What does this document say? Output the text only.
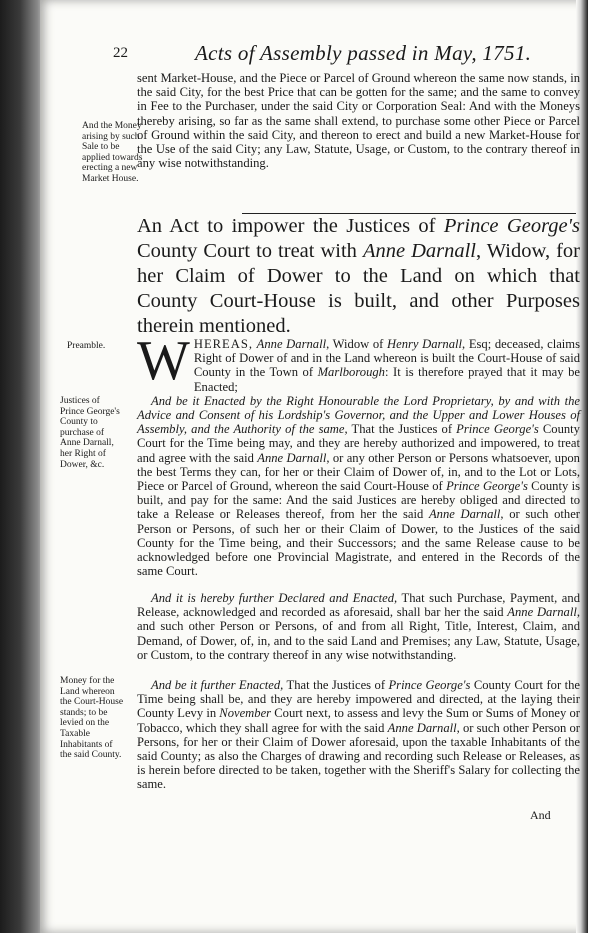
22	Acts of Assembly passed in May, 1751.
And the Money arising by such Sale to be applied towards erecting a new Market House.
sent Market-House, and the Piece or Parcel of Ground whereon the same now stands, in the said City, for the best Price that can be gotten for the same; and the same to convey in Fee to the Purchaser, under the said City or Corporation Seal: And with the Moneys thereby arising, so far as the same shall extend, to purchase some other Piece or Parcel of Ground within the said City, and thereon to erect and build a new Market-House for the Use of the said City; any Law, Statute, Usage, or Custom, to the contrary thereof in any wise notwithstanding.
An Act to impower the Justices of Prince George's County Court to treat with Anne Darnall, Widow, for her Claim of Dower to the Land on which that County Court-House is built, and other Purposes therein mentioned.
Preamble. WHEREAS, Anne Darnall, Widow of Henry Darnall, Esq; deceased, claims Right of Dower of and in the Land whereon is built the Court-House of said County in the Town of Marlborough: It is therefore prayed that it may be Enacted;
And be it Enacted by the Right Honourable the Lord Proprietary, by and with the Advice and Consent of his Lordship's Governor, and the Upper and Lower Houses of Assembly, and the Authority of the same, That the Justices of Prince George's County Court for the Time being may, and they are hereby authorized and impowered, to treat and agree with the said Anne Darnall, or any other Person or Persons whatsoever, upon the best Terms they can, for her or their Claim of Dower of, in, and to the Lot or Lots, Piece or Parcel of Ground, whereon the said Court-House of Prince George's County is built, and pay for the same: And the said Justices are hereby obliged and directed to take a Release or Releases thereof, from her the said Anne Darnall, or such other Person or Persons, of such her or their Claim of Dower, to the Justices of the said County for the Time being, and their Successors; and the same Release cause to be acknowledged before one Provincial Magistrate, and entered in the Records of the same Court.
Justices of Prince George's County to purchase of Anne Darnall, her Right of Dower, &c.
And it is hereby further Declared and Enacted, That such Purchase, Payment, and Release, acknowledged and recorded as aforesaid, shall bar her the said Anne Darnall, and such other Person or Persons, of and from all Right, Title, Interest, Claim, and Demand, of Dower, of, in, and to the said Land and Premises; any Law, Statute, Usage, or Custom, to the contrary thereof in any wise notwithstanding.
Money for the Land whereon the Court-House stands; to be levied on the Taxable Inhabitants of the said County.
And be it further Enacted, That the Justices of Prince George's County Court for the Time being shall be, and they are hereby impowered and directed, at the laying their County Levy in November Court next, to assess and levy the Sum or Sums of Money or Tobacco, which they shall agree for with the said Anne Darnall, or such other Person or Persons, for her or their Claim of Dower aforesaid, upon the taxable Inhabitants of the said County; as also the Charges of drawing and recording such Release or Releases, as is herein before directed to be taken, together with the Sheriff's Salary for collecting the same.
And
